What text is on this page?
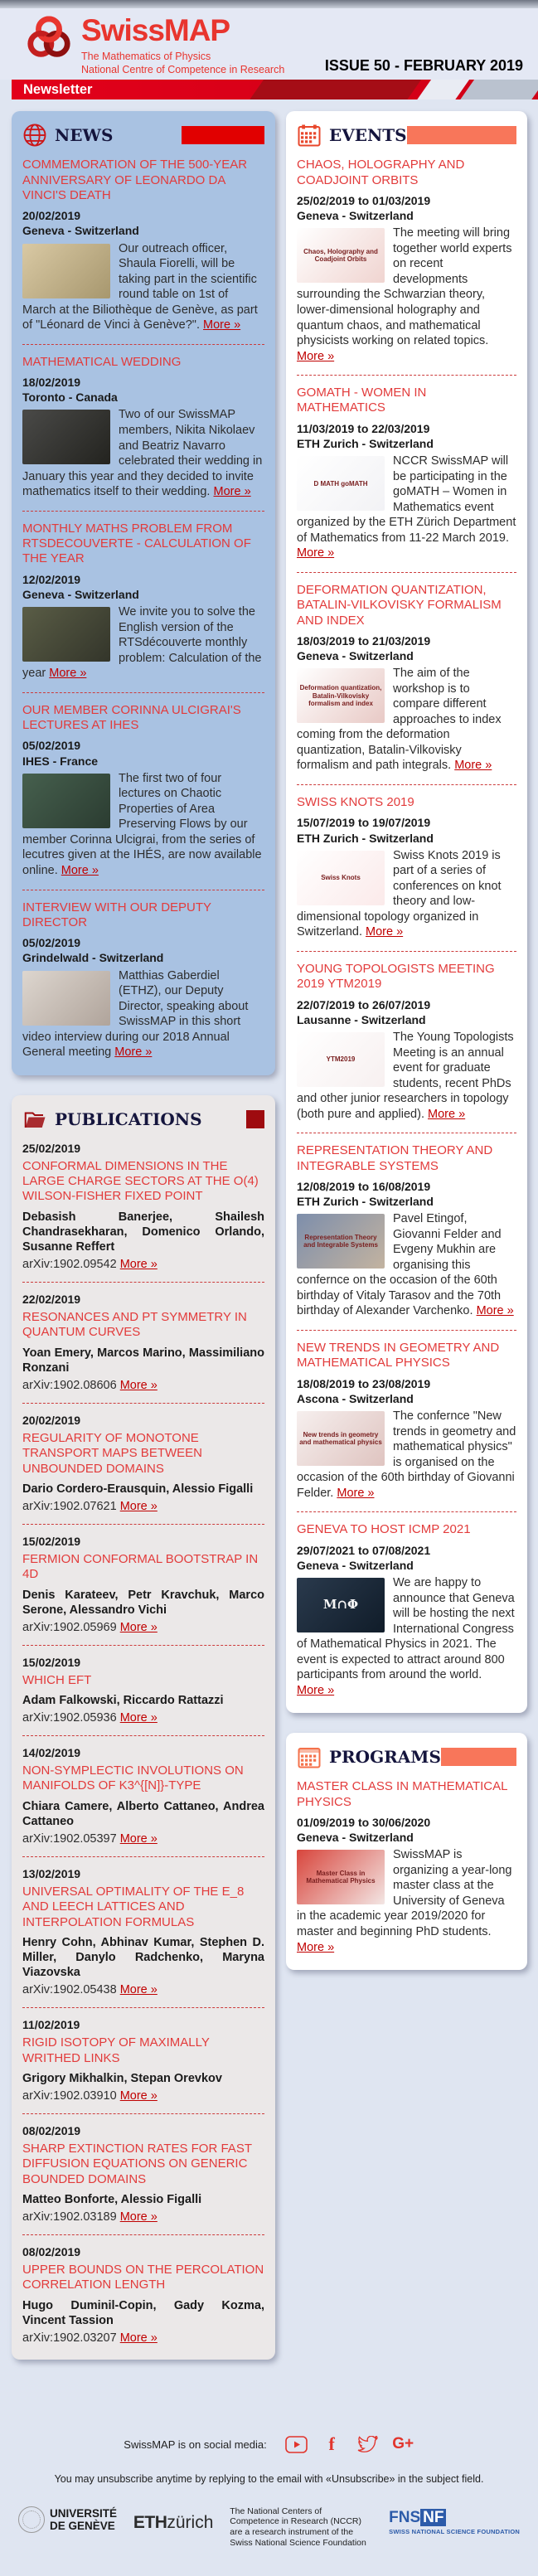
SwissMAP
The Mathematics of Physics
National Centre of Competence in Research	ISSUE 50 - FEBRUARY 2019
Newsletter
NEWS
COMMEMORATION OF THE 500-YEAR ANNIVERSARY OF LEONARDO DA VINCI'S DEATH
20/02/2019
Geneva - Switzerland
Our outreach officer, Shaula Fiorelli, will be taking part in the scientific round table on 1st of March at the Biliothèque de Genève, as part of "Léonard de Vinci à Genève?". More »
MATHEMATICAL WEDDING
18/02/2019
Toronto - Canada
Two of our SwissMAP members, Nikita Nikolaev and Beatriz Navarro celebrated their wedding in January this year and they decided to invite mathematics itself to their wedding. More »
MONTHLY MATHS PROBLEM FROM RTSDECOUVERTE - CALCULATION OF THE YEAR
12/02/2019
Geneva - Switzerland
We invite you to solve the English version of the RTSdécouverte monthly problem: Calculation of the year More »
OUR MEMBER CORINNA ULCIGRAI'S LECTURES AT IHES
05/02/2019
IHES - France
The first two of four lectures on Chaotic Properties of Area Preserving Flows by our member Corinna Ulcigrai, from the series of lecutres given at the IHÉS, are now available online. More »
INTERVIEW WITH OUR DEPUTY DIRECTOR
05/02/2019
Grindelwald - Switzerland
Matthias Gaberdiel (ETHZ), our Deputy Director, speaking about SwissMAP in this short video interview during our 2018 Annual General meeting More »
PUBLICATIONS
25/02/2019
CONFORMAL DIMENSIONS IN THE LARGE CHARGE SECTORS AT THE O(4) WILSON-FISHER FIXED POINT
Debasish Banerjee, Shailesh Chandrasekharan, Domenico Orlando, Susanne Reffert
arXiv:1902.09542 More »
22/02/2019
RESONANCES AND PT SYMMETRY IN QUANTUM CURVES
Yoan Emery, Marcos Marino, Massimiliano Ronzani
arXiv:1902.08606 More »
20/02/2019
REGULARITY OF MONOTONE TRANSPORT MAPS BETWEEN UNBOUNDED DOMAINS
Dario Cordero-Erausquin, Alessio Figalli
arXiv:1902.07621 More »
15/02/2019
FERMION CONFORMAL BOOTSTRAP IN 4D
Denis Karateev, Petr Kravchuk, Marco Serone, Alessandro Vichi
arXiv:1902.05969 More »
15/02/2019
WHICH EFT
Adam Falkowski, Riccardo Rattazzi
arXiv:1902.05936 More »
14/02/2019
NON-SYMPLECTIC INVOLUTIONS ON MANIFOLDS OF K3^{[N]}-TYPE
Chiara Camere, Alberto Cattaneo, Andrea Cattaneo
arXiv:1902.05397 More »
13/02/2019
UNIVERSAL OPTIMALITY OF THE E_8 AND LEECH LATTICES AND INTERPOLATION FORMULAS
Henry Cohn, Abhinav Kumar, Stephen D. Miller, Danylo Radchenko, Maryna Viazovska
arXiv:1902.05438 More »
11/02/2019
RIGID ISOTOPY OF MAXIMALLY WRITHED LINKS
Grigory Mikhalkin, Stepan Orevkov
arXiv:1902.03910 More »
08/02/2019
SHARP EXTINCTION RATES FOR FAST DIFFUSION EQUATIONS ON GENERIC BOUNDED DOMAINS
Matteo Bonforte, Alessio Figalli
arXiv:1902.03189 More »
08/02/2019
UPPER BOUNDS ON THE PERCOLATION CORRELATION LENGTH
Hugo Duminil-Copin, Gady Kozma, Vincent Tassion
arXiv:1902.03207 More »
EVENTS
CHAOS, HOLOGRAPHY AND COADJOINT ORBITS
25/02/2019 to 01/03/2019
Geneva - Switzerland
Chaos, Holography and Coadjoint Orbits
The meeting will bring together world experts on recent developments surrounding the Schwarzian theory, lower-dimensional holography and quantum chaos, and mathematical physicists working on related topics. More »
GOMATH - WOMEN IN MATHEMATICS
11/03/2019 to 22/03/2019
ETH Zurich - Switzerland
D MATH goMATH
NCCR SwissMAP will be participating in the goMATH – Women in Mathematics event organized by the ETH Zürich Department of Mathematics from 11-22 March 2019. More »
DEFORMATION QUANTIZATION, BATALIN-VILKOVISKY FORMALISM AND INDEX
18/03/2019 to 21/03/2019
Geneva - Switzerland
Deformation quantization, Batalin-Vilkovisky formalism and index
The aim of the workshop is to compare different approaches to index coming from the deformation quantization, Batalin-Vilkovisky formalism and path integrals. More »
SWISS KNOTS 2019
15/07/2019 to 19/07/2019
ETH Zurich - Switzerland
Swiss Knots
Swiss Knots 2019 is part of a series of conferences on knot theory and low-dimensional topology organized in Switzerland. More »
YOUNG TOPOLOGISTS MEETING 2019 YTM2019
22/07/2019 to 26/07/2019
Lausanne - Switzerland
YTM2019
The Young Topologists Meeting is an annual event for graduate students, recent PhDs and other junior researchers in topology (both pure and applied). More »
REPRESENTATION THEORY AND INTEGRABLE SYSTEMS
12/08/2019 to 16/08/2019
ETH Zurich - Switzerland
Representation Theory and Integrable Systems
Pavel Etingof, Giovanni Felder and Evgeny Mukhin are organising this confernce on the occasion of the 60th birthday of Vitaly Tarasov and the 70th birthday of Alexander Varchenko. More »
NEW TRENDS IN GEOMETRY AND MATHEMATICAL PHYSICS
18/08/2019 to 23/08/2019
Ascona - Switzerland
New trends in geometry and mathematical physics
The confernce "New trends in geometry and mathematical physics" is organised on the occasion of the 60th birthday of Giovanni Felder. More »
GENEVA TO HOST ICMP 2021
29/07/2021 to 07/08/2021
Geneva - Switzerland
M∩Φ
We are happy to announce that Geneva will be hosting the next International Congress of Mathematical Physics in 2021. The event is expected to attract around 800 participants from around the world. More »
PROGRAMS
MASTER CLASS IN MATHEMATICAL PHYSICS
01/09/2019 to 30/06/2020
Geneva - Switzerland
Master Class in Mathematical Physics
SwissMAP is organizing a year-long master class at the University of Geneva in the academic year 2019/2020 for master and beginning PhD students. More »
SwissMAP is on social media:	f	G+
You may unsubscribe anytime by replying to the email with «Unsubscribe» in the subject field.
UNIVERSITÉ
DE GENÈVE ETHzürich
The National Centers of Competence in Research (NCCR) are a research instrument of the Swiss National Science Foundation
FNS NF
SWISS NATIONAL SCIENCE FOUNDATION
